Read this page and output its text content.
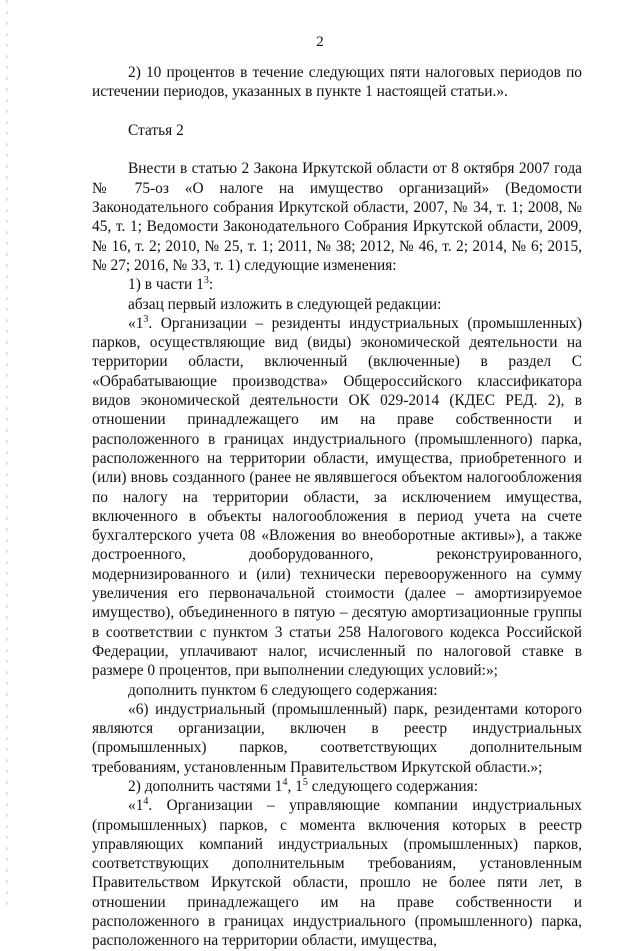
2

2) 10 процентов в течение следующих пяти налоговых периодов по истечении периодов, указанных в пункте 1 настоящей статьи.».

Статья 2

Внести в статью 2 Закона Иркутской области от 8 октября 2007 года № 75-оз «О налоге на имущество организаций» (Ведомости Законодательного собрания Иркутской области, 2007, № 34, т. 1; 2008, № 45, т. 1; Ведомости Законодательного Собрания Иркутской области, 2009, № 16, т. 2; 2010, № 25, т. 1; 2011, № 38; 2012, № 46, т. 2; 2014, № 6; 2015, № 27; 2016, № 33, т. 1) следующие изменения:

1) в части $1^3$:

абзац первый изложить в следующей редакции:

«$1^3$. Организации – резиденты индустриальных (промышленных) парков, осуществляющие вид (виды) экономической деятельности на территории области, включенный (включенные) в раздел С «Обрабатывающие производства» Общероссийского классификатора видов экономической деятельности ОК 029-2014 (КДЕС РЕД. 2), в отношении принадлежащего им на праве собственности и расположенного в границах индустриального (промышленного) парка, расположенного на территории области, имущества, приобретенного и (или) вновь созданного (ранее не являвшегося объектом налогообложения по налогу на территории области, за исключением имущества, включенного в объекты налогообложения в период учета на счете бухгалтерского учета 08 «Вложения во внеоборотные активы»), а также достроенного,	дооборудованного,	реконструированного, модернизированного и (или) технически перевооруженного на сумму увеличения его первоначальной стоимости (далее – амортизируемое имущество), объединенного в пятую – десятую амортизационные группы в соответствии с пунктом 3 статьи 258 Налогового кодекса Российской Федерации, уплачивают налог, исчисленный по налоговой ставке в размере 0 процентов, при выполнении следующих условий:»;

дополнить пунктом 6 следующего содержания:

«6) индустриальный (промышленный) парк, резидентами которого являются организации, включен в реестр индустриальных (промышленных) парков, соответствующих дополнительным требованиям, установленным Правительством Иркутской области.»;

2) дополнить частями $1^4$, $1^5$ следующего содержания:

«$1^4$. Организации – управляющие компании индустриальных (промышленных) парков, с момента включения которых в реестр управляющих компаний индустриальных (промышленных) парков, соответствующих дополнительным требованиям, установленным Правительством Иркутской области, прошло не более пяти лет, в отношении принадлежащего им на праве собственности и расположенного в границах индустриального (промышленного) парка, расположенного на территории области, имущества,
